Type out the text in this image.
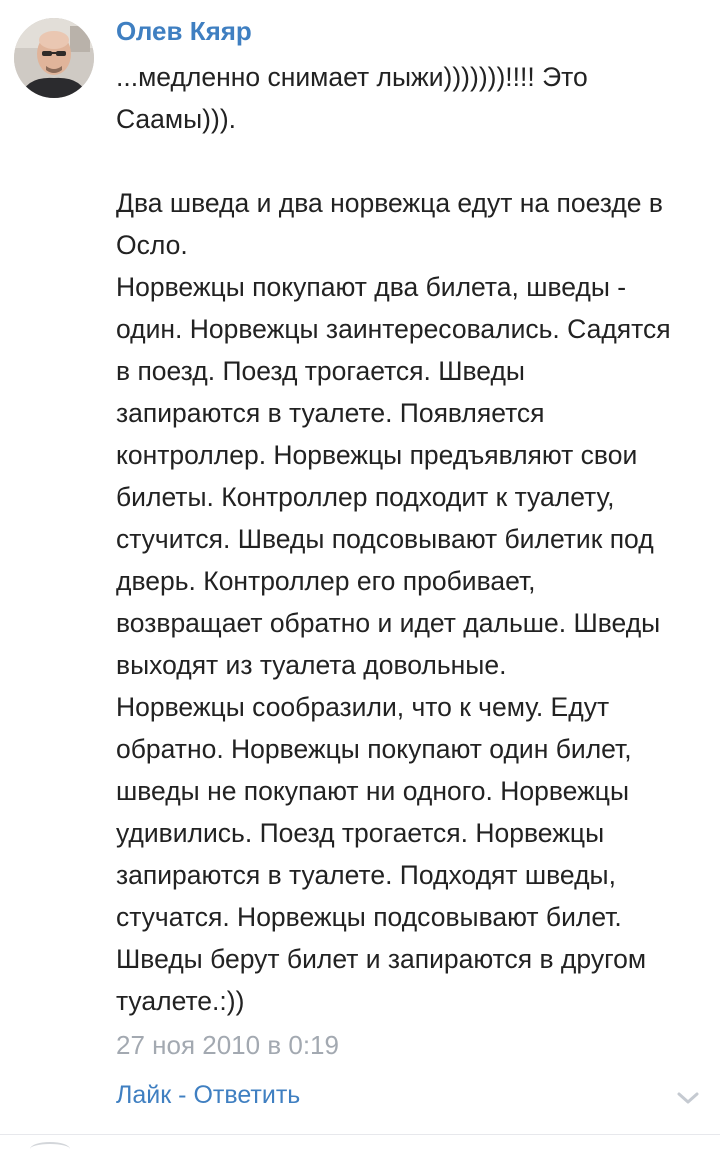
Олев Кяяр
...медленно снимает лыжи)))))))!!!! Это
Саамы))).
Два шведа и два норвежца едут на поезде в
Осло.
Норвежцы покупают два билета, шведы -
один. Норвежцы заинтересовались. Садятся
в поезд. Поезд трогается. Шведы
запираются в туалете. Появляется
контроллер. Норвежцы предъявляют свои
билеты. Контроллер подходит к туалету,
стучится. Шведы подсовывают билетик под
дверь. Контроллер его пробивает,
возвращает обратно и идет дальше. Шведы
выходят из туалета довольные.
Норвежцы сообразили, что к чему. Едут
обратно. Норвежцы покупают один билет,
шведы не покупают ни одного. Норвежцы
удивились. Поезд трогается. Норвежцы
запираются в туалете. Подходят шведы,
стучатся. Норвежцы подсовывают билет.
Шведы берут билет и запираются в другом
туалете.:))
27 ноя 2010 в 0:19
Лайк - Ответить
